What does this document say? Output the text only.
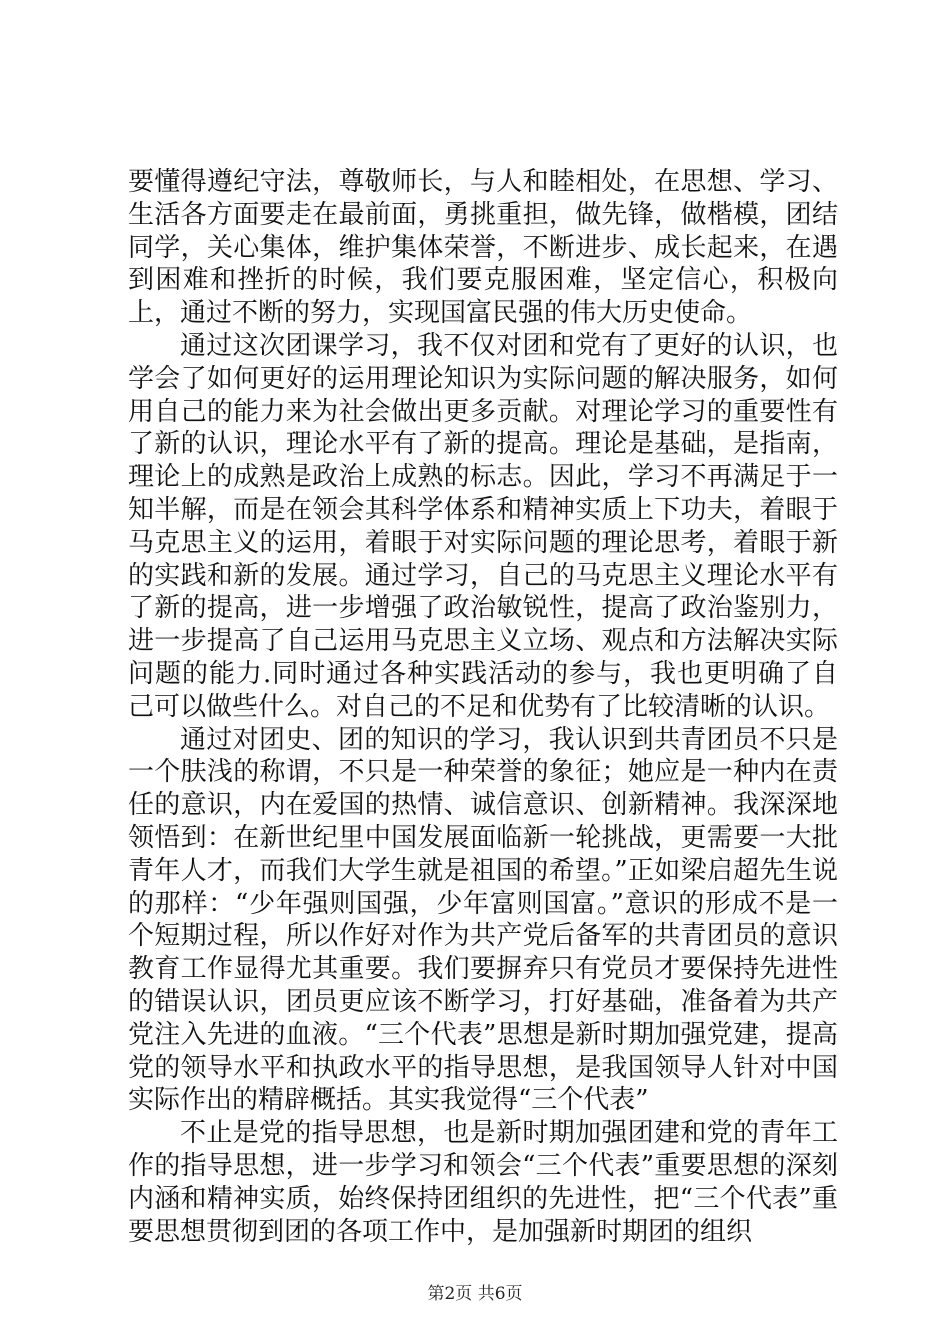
要懂得遵纪守法，尊敬师长，与人和睦相处，在思想、学习、生活各方面要走在最前面，勇挑重担，做先锋，做楷模，团结同学，关心集体，维护集体荣誉，不断进步、成长起来，在遇到困难和挫折的时候，我们要克服困难，坚定信心，积极向上，通过不断的努力，实现国富民强的伟大历史使命。

通过这次团课学习，我不仅对团和党有了更好的认识，也学会了如何更好的运用理论知识为实际问题的解决服务，如何用自己的能力来为社会做出更多贡献。对理论学习的重要性有了新的认识，理论水平有了新的提高。理论是基础，是指南，理论上的成熟是政治上成熟的标志。因此，学习不再满足于一知半解，而是在领会其科学体系和精神实质上下功夫，着眼于马克思主义的运用，着眼于对实际问题的理论思考，着眼于新的实践和新的发展。通过学习，自己的马克思主义理论水平有了新的提高，进一步增强了政治敏锐性，提高了政治鉴别力，进一步提高了自己运用马克思主义立场、观点和方法解决实际问题的能力.同时通过各种实践活动的参与，我也更明确了自己可以做些什么。对自己的不足和优势有了比较清晰的认识。

通过对团史、团的知识的学习，我认识到共青团员不只是一个肤浅的称谓，不只是一种荣誉的象征；她应是一种内在责任的意识，内在爱国的热情、诚信意识、创新精神。我深深地领悟到：在新世纪里中国发展面临新一轮挑战，更需要一大批青年人才，而我们大学生就是祖国的希望。”正如梁启超先生说的那样：“少年强则国强，少年富则国富。”意识的形成不是一个短期过程，所以作好对作为共产党后备军的共青团员的意识教育工作显得尤其重要。我们要摒弃只有党员才要保持先进性的错误认识，团员更应该不断学习，打好基础，准备着为共产党注入先进的血液。“三个代表”思想是新时期加强党建，提高党的领导水平和执政水平的指导思想，是我国领导人针对中国实际作出的精辟概括。其实我觉得“三个代表”

不止是党的指导思想，也是新时期加强团建和党的青年工作的指导思想，进一步学习和领会“三个代表”重要思想的深刻内涵和精神实质，始终保持团组织的先进性，把“三个代表”重要思想贯彻到团的各项工作中，是加强新时期团的组织

第2页 共6页
